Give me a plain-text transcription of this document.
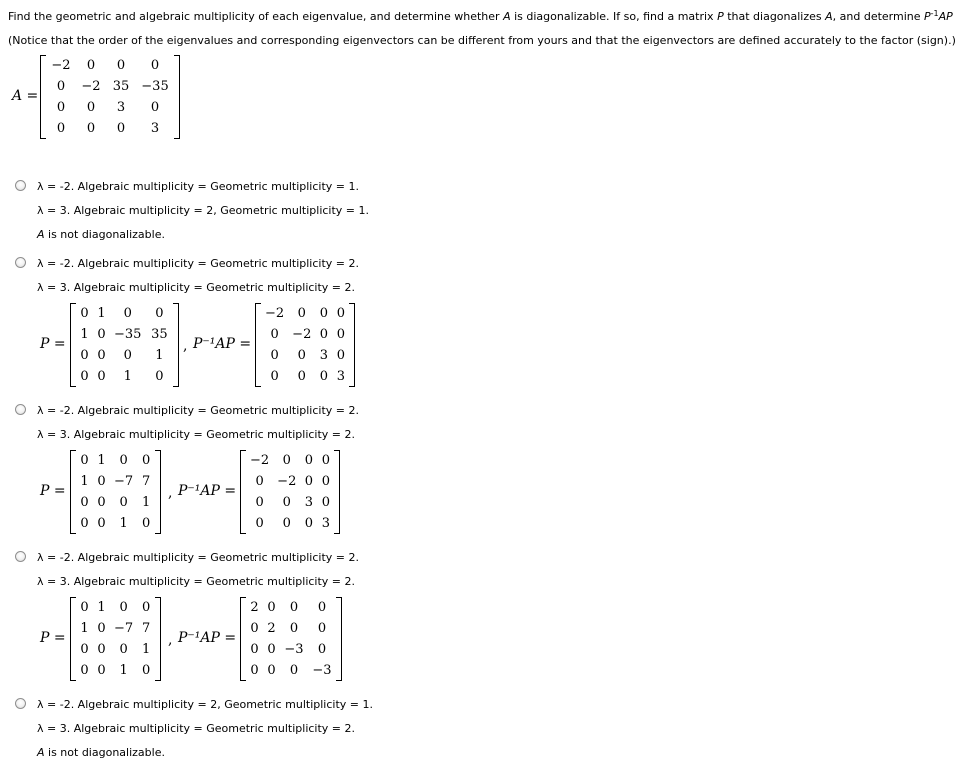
Find the geometric and algebraic multiplicity of each eigenvalue, and determine whether A is diagonalizable. If so, find a matrix P that diagonalizes A, and determine $P^{-1}AP$
(Notice that the order of the eigenvalues and corresponding eigenvectors can be different from yours and that the eigenvectors are defined accurately to the factor (sign).)
A =
−2	0	0	0
0	−2	35	−35
0	0	3	0
0	0	0	3
λ = -2. Algebraic multiplicity = Geometric multiplicity = 1.
λ = 3. Algebraic multiplicity = 2, Geometric multiplicity = 1.
A is not diagonalizable.
λ = -2. Algebraic multiplicity = Geometric multiplicity = 2.
λ = 3. Algebraic multiplicity = Geometric multiplicity = 2.
P =
0	1	0	0
1	0	−35	35
0	0	0	1
0	0	1	0
, P⁻¹AP =
−2	0	0	0
0	−2	0	0
0	0	3	0
0	0	0	3
λ = -2. Algebraic multiplicity = Geometric multiplicity = 2.
λ = 3. Algebraic multiplicity = Geometric multiplicity = 2.
P =
0	1	0	0
1	0	−7	7
0	0	0	1
0	0	1	0
, P⁻¹AP =
−2	0	0	0
0	−2	0	0
0	0	3	0
0	0	0	3
λ = -2. Algebraic multiplicity = Geometric multiplicity = 2.
λ = 3. Algebraic multiplicity = Geometric multiplicity = 2.
P =
0	1	0	0
1	0	−7	7
0	0	0	1
0	0	1	0
, P⁻¹AP =
2	0	0	0
0	2	0	0
0	0	−3	0
0	0	0	−3
λ = -2. Algebraic multiplicity = 2, Geometric multiplicity = 1.
λ = 3. Algebraic multiplicity = Geometric multiplicity = 2.
A is not diagonalizable.
